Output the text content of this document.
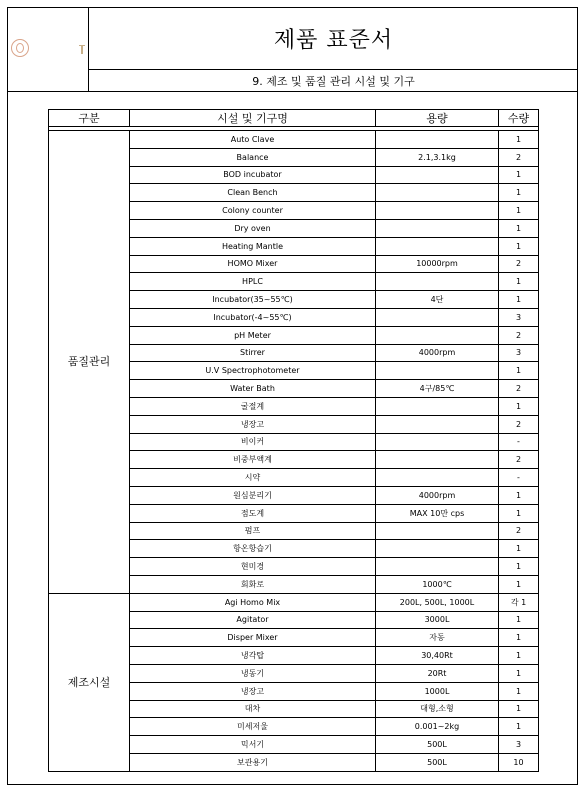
제품 표준서
9. 제조 및 품질 관리 시설 및 기구
구분	시설 및 기구명	용량	수량

품질관리	Auto Clave		1
	Balance	2.1,3.1kg	2
	BOD incubator		1
	Clean Bench		1
	Colony counter		1
	Dry oven		1
	Heating Mantle		1
	HOMO Mixer	10000rpm	2
	HPLC		1
	Incubator(35~55℃)	4단	1
	Incubator(-4~55℃)		3
	pH Meter		2
	Stirrer	4000rpm	3
	U.V Spectrophotometer		1
	Water Bath	4구/85℃	2
	굴절계		1
	냉장고		2
	비이커		-
	비중부액계		2
	시약		-
	원심분리기	4000rpm	1
	점도계	MAX 10만 cps	1
	펌프		2
	항온항습기		1
	현미경		1
	회화로	1000℃	1
제조시설	Agi Homo Mix	200L, 500L, 1000L	각 1
	Agitator	3000L	1
	Disper Mixer	자동	1
	냉각탑	30,40Rt	1
	냉동기	20Rt	1
	냉장고	1000L	1
	대차	대형,소형	1
	미세저울	0.001~2kg	1
	믹서기	500L	3
	보관용기	500L	10
